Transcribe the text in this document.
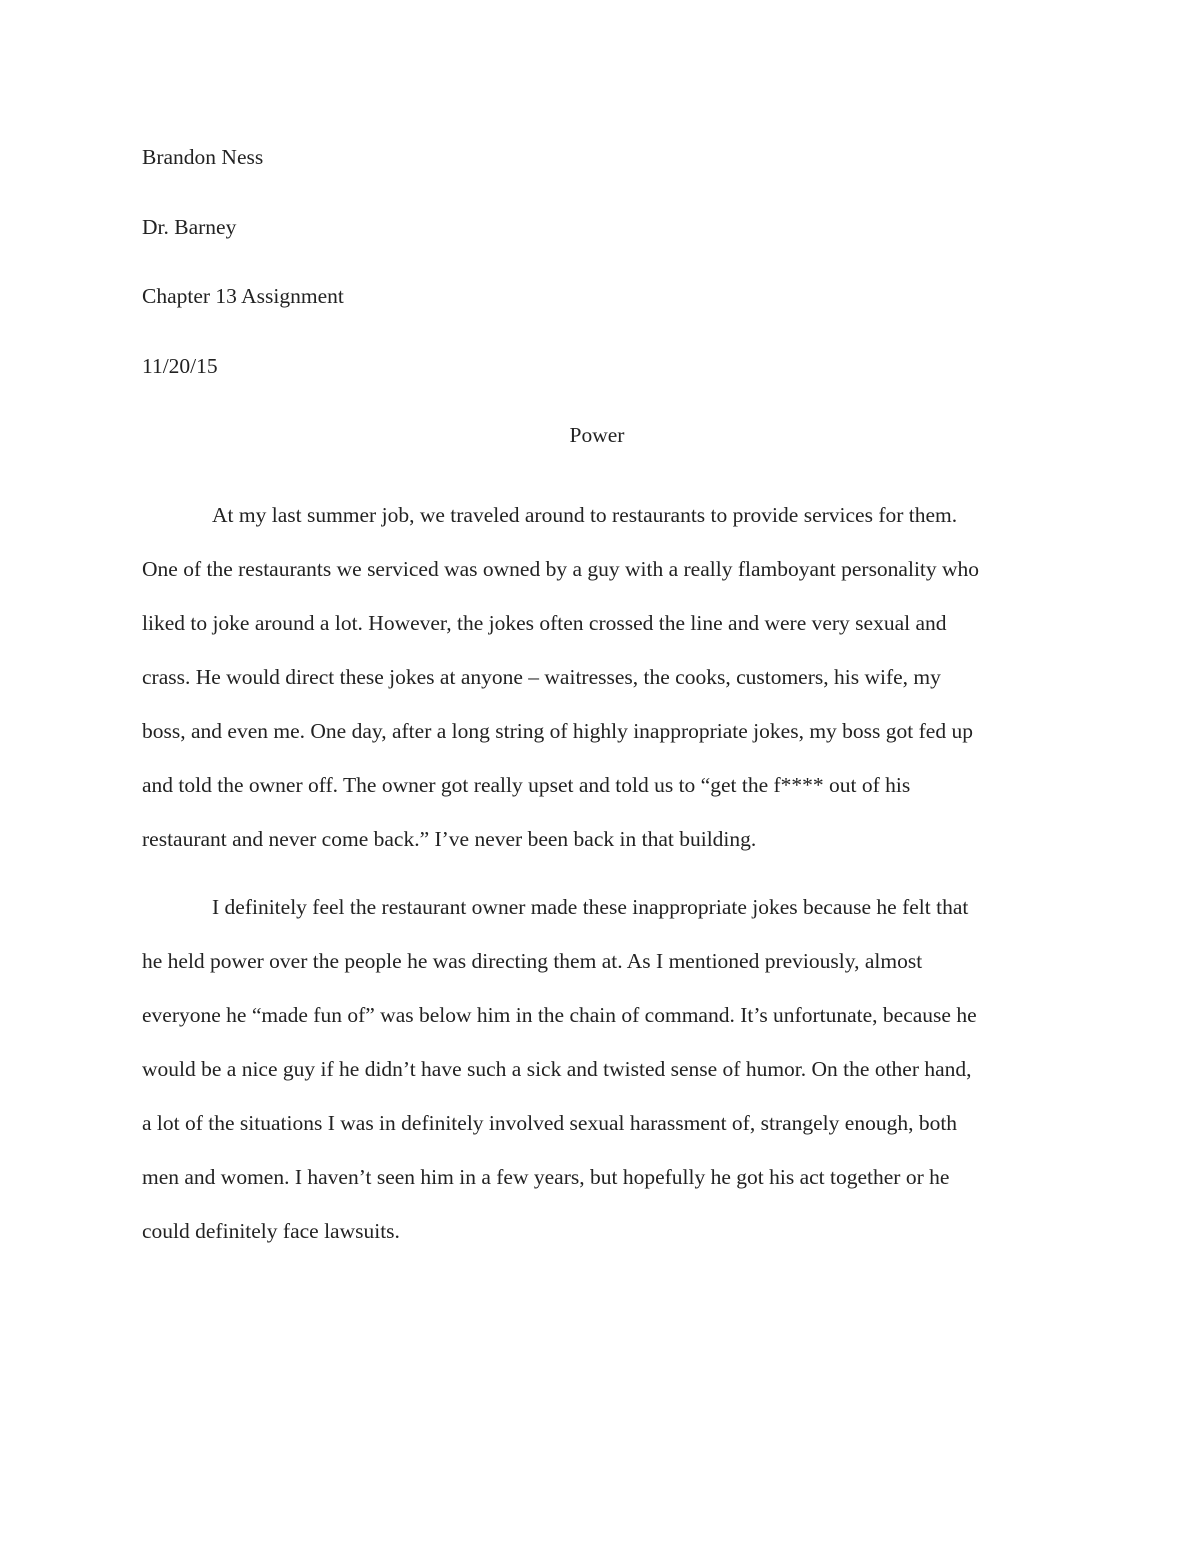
Brandon Ness
Dr. Barney
Chapter 13 Assignment
11/20/15
Power
At my last summer job, we traveled around to restaurants to provide services for them.
One of the restaurants we serviced was owned by a guy with a really flamboyant personality who
liked to joke around a lot. However, the jokes often crossed the line and were very sexual and
crass. He would direct these jokes at anyone – waitresses, the cooks, customers, his wife, my
boss, and even me. One day, after a long string of highly inappropriate jokes, my boss got fed up
and told the owner off. The owner got really upset and told us to “get the f**** out of his
restaurant and never come back.” I’ve never been back in that building.
I definitely feel the restaurant owner made these inappropriate jokes because he felt that
he held power over the people he was directing them at. As I mentioned previously, almost
everyone he “made fun of” was below him in the chain of command. It’s unfortunate, because he
would be a nice guy if he didn’t have such a sick and twisted sense of humor. On the other hand,
a lot of the situations I was in definitely involved sexual harassment of, strangely enough, both
men and women. I haven’t seen him in a few years, but hopefully he got his act together or he
could definitely face lawsuits.
